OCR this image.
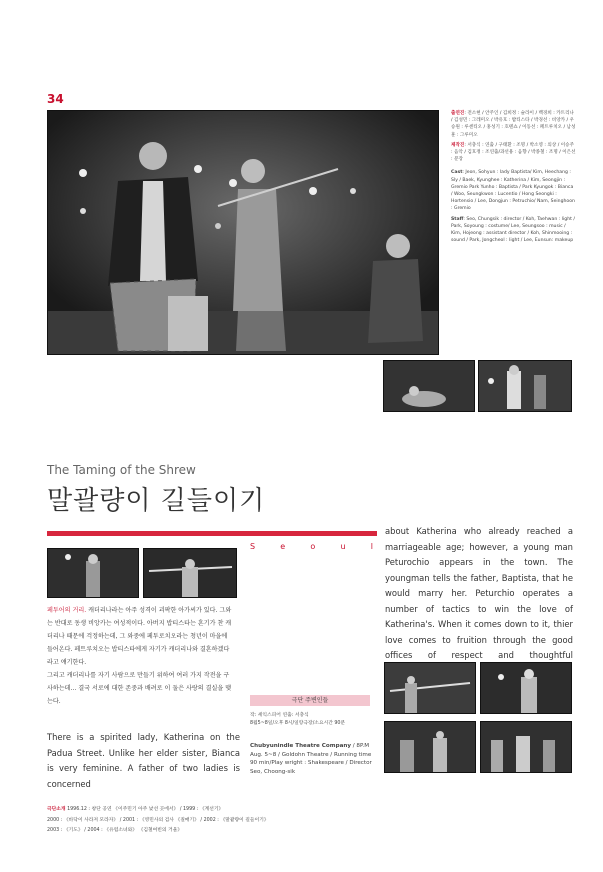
34

출연진: 전소현 / 안주인 / 김희정 : 슬라이 / 백경희 : 카트리나 / 김성민 : 그레미오 / 박유호 : 밥티스타 / 박경선 : 비앙카 / 우승원 : 루센티오 / 홍성기 : 호텐쇼 / 이동선 : 페트루치오 / 남성훈 : 그루미오

제작진: 서충식 : 연출 / 구태환 : 조명 / 박소영 : 의상 / 이승주 : 음악 / 김호정 : 조연출/과선용 : 음향 / 박종철 : 조명 / 이은선 : 분장

Cast: Jeon, Sohyun : lady Baptista/ Kim, Heechang : Sly / Baek, Kyunghee : Katherina / Kim, Seongjin : Gremio Park Yunho : Baptista / Park Kyungok : Bianca / Woo, Seungkwon : Lucentio / Hong Seongki : Hortensio / Lee, Dongjun : Petruchio/ Nam, Seinghoon : Gremio

Staff: Seo, Chungsik : director / Koh, Taehwan : light / Park, Soyoung : costume/ Lee, Seungsoo : music / Kim, Hojeong : assistant director / Koh, Shinmooing : sound / Park, Jongcheol : light / Lee, Eunsun: makeup

The Taming of the Shrew
말괄량이 길들이기
S	e	o	u	l

페투어의 거리. 캐더리나라는 아주 성격이 괴팍한 아가씨가 있다. 그와는 반대로 동생 비앙카는 여성적이다. 아버지 밥티스타는 혼기가 찬 캐더리나 때문에 걱정하는데, 그 와중에 페투로치오라는 청년이 마을에 들어온다. 페트루치오는 밥티스타에게 자기가 캐더리나와 결혼하겠다라고 얘기한다.

그리고 캐더리나를 자기 사람으로 만들기 위하여 여러 가지 작전을 구사하는데... 결국 서로에 대한 존중과 배려로 이 둘은 사랑의 결실을 맺는다.

There is a spirited lady, Katherina on the Padua Street. Unlike her elder sister, Bianca is very feminine. A father of two ladies is concerned
극단 주변인들
작: 셰익스피어 연출: 서충식
8월5~8일/오후 8시/일랑극장/소요시간 90분
Chubyunindle Theatre Company / 8P.M Aug. 5~8 / Goldohn Theatre / Running time 90 min/Play wright : Shakespeare / Director Seo, Choong-sik
about Katherina who already reached a marriageable age; however, a young man Peturochio appears in the town. The youngman tells the father, Baptista, that he would marry her. Peturchio operates a number of tactics to win the love of Katherina's. When it comes down to it, thier love comes to fruition through the good offices of respect and thoughtful

극단소개 1996.12 : 창단 공연 《이주민기 아주 낯선 곳에서》 / 1999 : 《계선기》

2000 : 《바닥이 사라져 모라자》 / 2001 : 《영민사의 검사 《질매기》 / 2002 : 《말괄량이 길들이기》

2003 : 《기도》 / 2004 : 《유럽소녀와》 《김철여빈의 거울》
